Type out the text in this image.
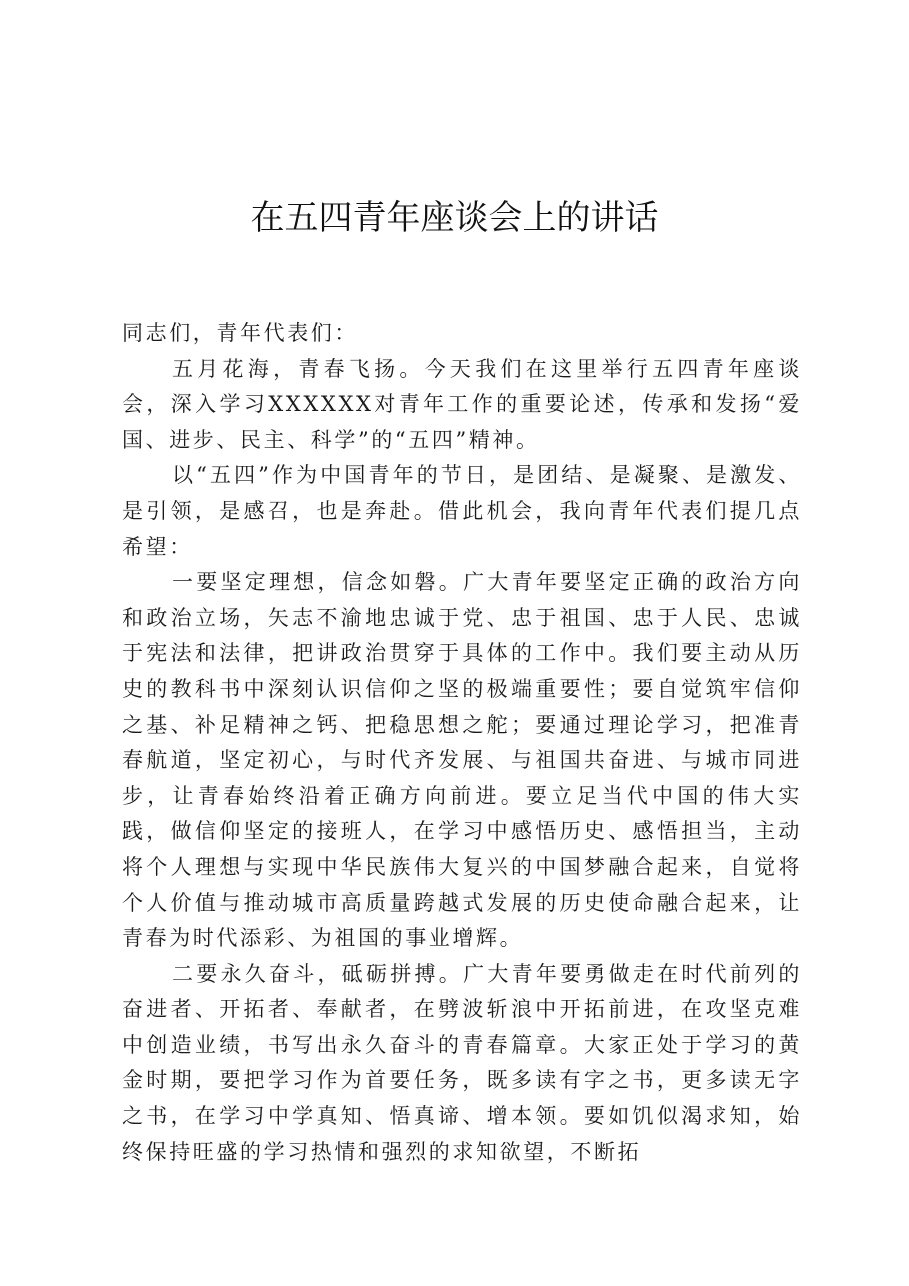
在五四青年座谈会上的讲话

同志们，青年代表们：

五月花海，青春飞扬。今天我们在这里举行五四青年座谈会，深入学习XXXXXX对青年工作的重要论述，传承和发扬“爱国、进步、民主、科学”的“五四”精神。

以“五四”作为中国青年的节日，是团结、是凝聚、是激发、是引领，是感召，也是奔赴。借此机会，我向青年代表们提几点希望：

一要坚定理想，信念如磐。广大青年要坚定正确的政治方向和政治立场，矢志不渝地忠诚于党、忠于祖国、忠于人民、忠诚于宪法和法律，把讲政治贯穿于具体的工作中。我们要主动从历史的教科书中深刻认识信仰之坚的极端重要性；要自觉筑牢信仰之基、补足精神之钙、把稳思想之舵；要通过理论学习，把准青春航道，坚定初心，与时代齐发展、与祖国共奋进、与城市同进步，让青春始终沿着正确方向前进。要立足当代中国的伟大实践，做信仰坚定的接班人，在学习中感悟历史、感悟担当，主动将个人理想与实现中华民族伟大复兴的中国梦融合起来，自觉将个人价值与推动城市高质量跨越式发展的历史使命融合起来，让青春为时代添彩、为祖国的事业增辉。

二要永久奋斗，砥砺拼搏。广大青年要勇做走在时代前列的奋进者、开拓者、奉献者，在劈波斩浪中开拓前进，在攻坚克难中创造业绩，书写出永久奋斗的青春篇章。大家正处于学习的黄金时期，要把学习作为首要任务，既多读有字之书，更多读无字之书，在学习中学真知、悟真谛、增本领。要如饥似渴求知，始终保持旺盛的学习热情和强烈的求知欲望，不断拓
